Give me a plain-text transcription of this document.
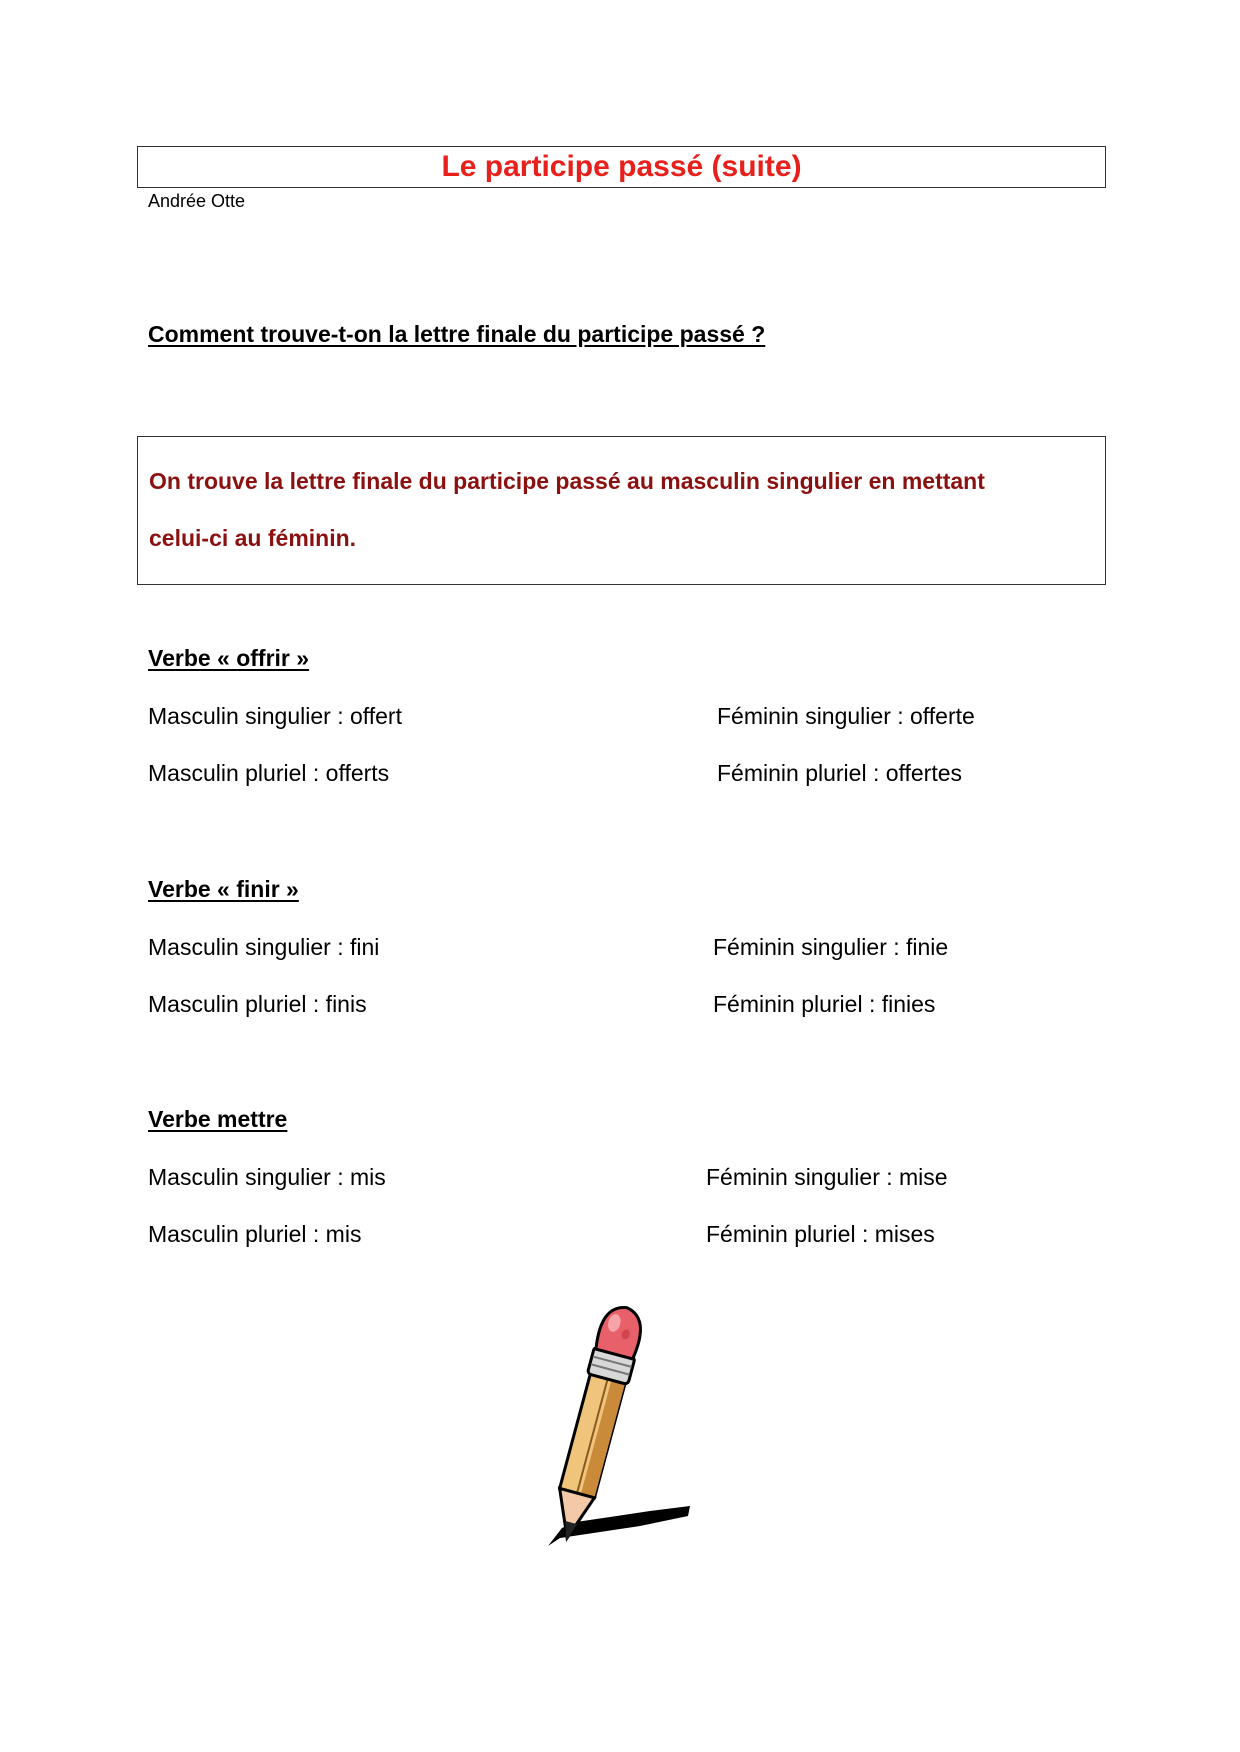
Le participe passé (suite)
Andrée Otte
Comment trouve-t-on la lettre finale du participe passé ?
On trouve la lettre finale du participe passé au masculin singulier en mettant
celui-ci au féminin.
Verbe « offrir »
Masculin singulier : offert	Féminin singulier : offerte
Masculin pluriel : offerts	Féminin pluriel : offertes
Verbe « finir »
Masculin singulier : fini	Féminin singulier : finie
Masculin pluriel : finis	Féminin pluriel : finies
Verbe mettre
Masculin singulier : mis	Féminin singulier : mise
Masculin pluriel : mis	Féminin pluriel : mises
